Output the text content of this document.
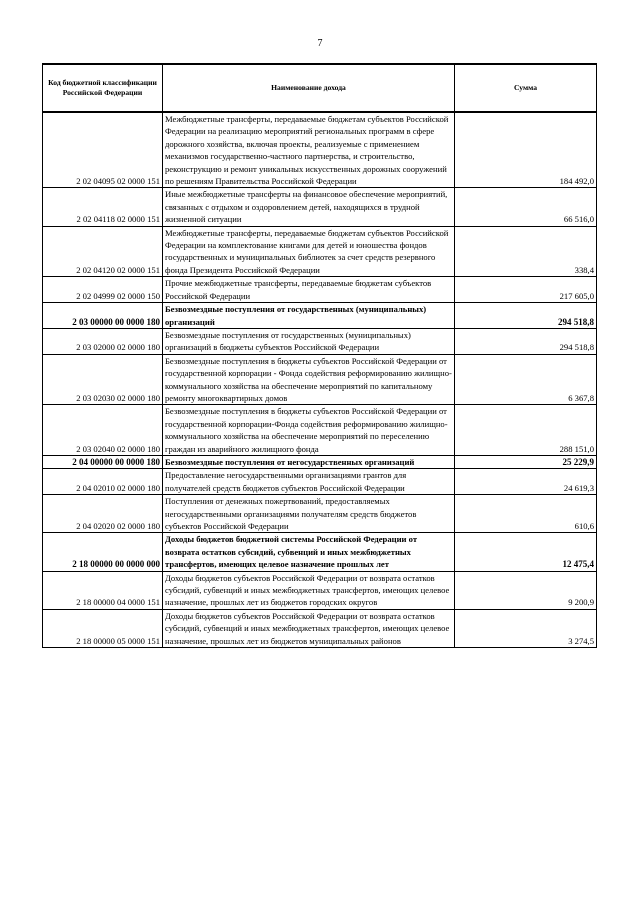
7
Код бюджетной классификации Российской Федерации	Наименование дохода	Сумма
2 02 04095 02 0000 151	Межбюджетные трансферты, передаваемые бюджетам субъектов Российской Федерации на реализацию мероприятий региональных программ в сфере дорожного хозяйства, включая проекты, реализуемые с применением механизмов государственно-частного партнерства, и строительство, реконструкцию и ремонт уникальных искусственных дорожных сооружений по решениям Правительства Российской Федерации	184 492,0
2 02 04118 02 0000 151	Иные межбюджетные трансферты на финансовое обеспечение мероприятий, связанных с отдыхом и оздоровлением детей, находящихся в трудной жизненной ситуации	66 516,0
2 02 04120 02 0000 151	Межбюджетные трансферты, передаваемые бюджетам субъектов Российской Федерации на комплектование книгами для детей и юношества фондов государственных и муниципальных библиотек за счет средств резервного фонда Президента Российской Федерации	338,4
2 02 04999 02 0000 150	Прочие межбюджетные трансферты, передаваемые бюджетам субъектов Российской Федерации	217 605,0
2 03 00000 00 0000 180	Безвозмездные поступления от государственных (муниципальных) организаций	294 518,8
2 03 02000 02 0000 180	Безвозмездные поступления от государственных (муниципальных) организаций в бюджеты субъектов Российской Федерации	294 518,8
2 03 02030 02 0000 180	Безвозмездные поступления в бюджеты субъектов Российской Федерации от государственной корпорации - Фонда содействия реформированию жилищно-коммунального хозяйства на обеспечение мероприятий по капитальному ремонту многоквартирных домов	6 367,8
2 03 02040 02 0000 180	Безвозмездные поступления в бюджеты субъектов Российской Федерации от государственной корпорации-Фонда содействия реформированию жилищно-коммунального хозяйства на обеспечение мероприятий по переселению граждан из аварийного жилищного фонда	288 151,0
2 04 00000 00 0000 180	Безвозмездные поступления от негосударственных организаций	25 229,9
2 04 02010 02 0000 180	Предоставление негосударственными организациями грантов для получателей средств бюджетов субъектов Российской Федерации	24 619,3
2 04 02020 02 0000 180	Поступления от денежных пожертвований, предоставляемых негосударственными организациями получателям средств бюджетов субъектов Российской Федерации	610,6
2 18 00000 00 0000 000	Доходы бюджетов бюджетной системы Российской Федерации от возврата остатков субсидий, субвенций и иных межбюджетных трансфертов, имеющих целевое назначение прошлых лет	12 475,4
2 18 00000 04 0000 151	Доходы бюджетов субъектов Российской Федерации от возврата остатков субсидий, субвенций и иных межбюджетных трансфертов, имеющих целевое назначение, прошлых лет из бюджетов городских округов	9 200,9
2 18 00000 05 0000 151	Доходы бюджетов субъектов Российской Федерации от возврата остатков субсидий, субвенций и иных межбюджетных трансфертов, имеющих целевое назначение, прошлых лет из бюджетов муниципальных районов	3 274,5
